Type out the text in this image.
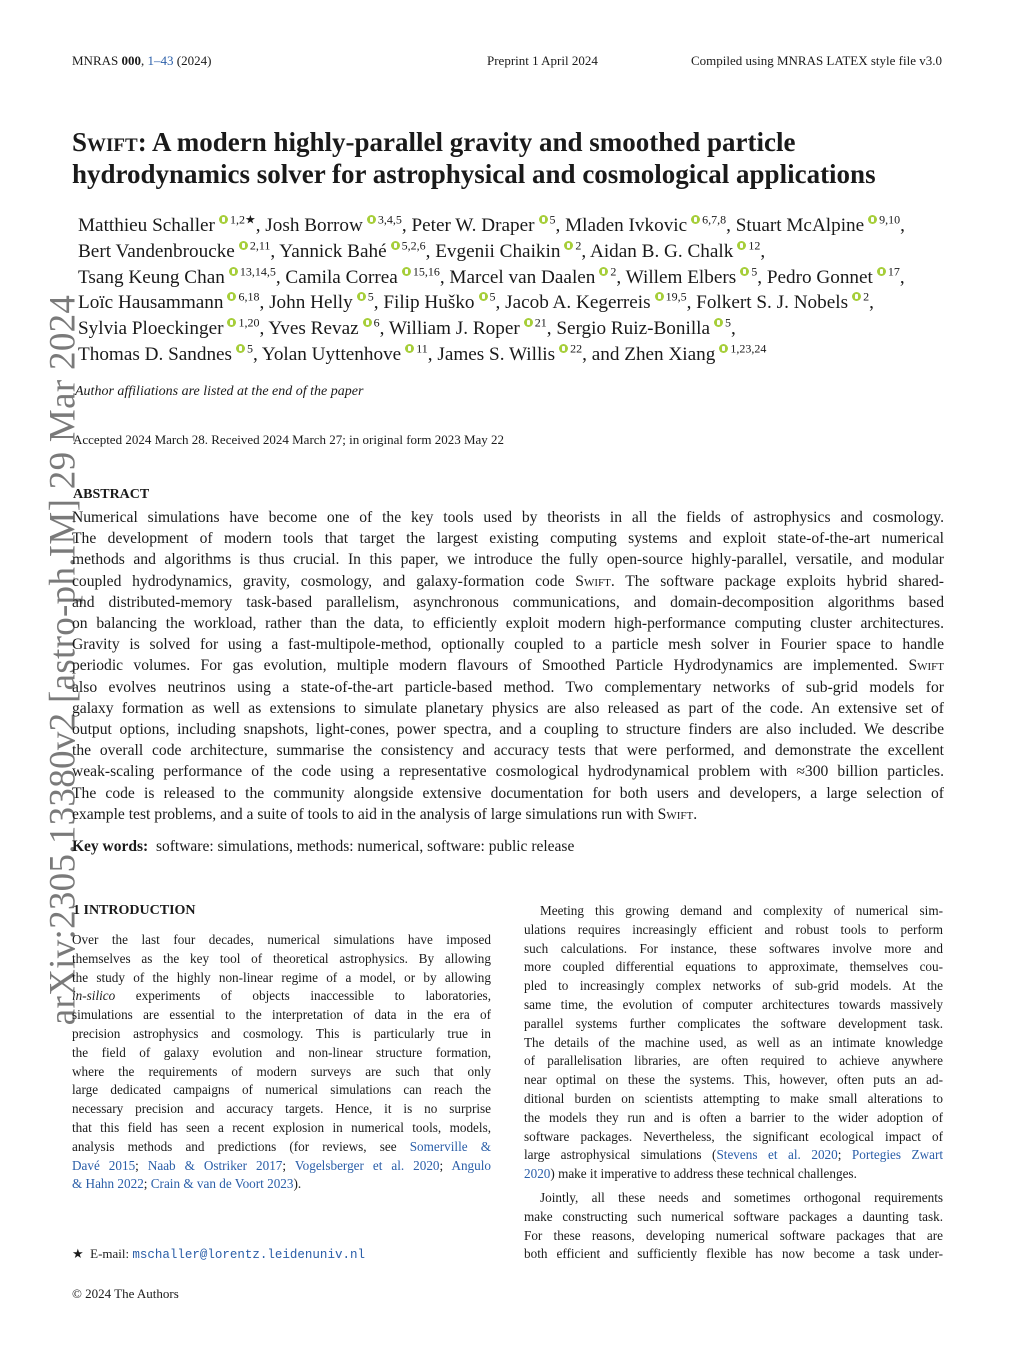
MNRAS 000, 1–43 (2024)	Preprint 1 April 2024	Compiled using MNRAS LATEX style file v3.0
arXiv:2305.13380v2 [astro-ph.IM] 29 Mar 2024
Swift: A modern highly-parallel gravity and smoothed particle
hydrodynamics solver for astrophysical and cosmological applications
Matthieu Schaller $^{1,2★}$, Josh Borrow $^{3,4,5}$, Peter W. Draper $^5$, Mladen Ivkovic $^{6,7,8}$, Stuart McAlpine $^{9,10}$,
Bert Vandenbroucke $^{2,11}$, Yannick Bahé $^{5,2,6}$, Evgenii Chaikin $^2$, Aidan B. G. Chalk $^{12}$,
Tsang Keung Chan $^{13,14,5}$, Camila Correa $^{15,16}$, Marcel van Daalen $^2$, Willem Elbers $^5$, Pedro Gonnet $^{17}$,
Loïc Hausammann $^{6,18}$, John Helly $^5$, Filip Huško $^5$, Jacob A. Kegerreis $^{19,5}$, Folkert S. J. Nobels $^2$,
Sylvia Ploeckinger $^{1,20}$, Yves Revaz $^6$, William J. Roper $^{21}$, Sergio Ruiz-Bonilla $^5$,
Thomas D. Sandnes $^5$, Yolan Uyttenhove $^{11}$, James S. Willis $^{22}$, and Zhen Xiang $^{1,23,24}$
Author affiliations are listed at the end of the paper
Accepted 2024 March 28. Received 2024 March 27; in original form 2023 May 22
ABSTRACT
Numerical simulations have become one of the key tools used by theorists in all the fields of astrophysics and cosmology.
The development of modern tools that target the largest existing computing systems and exploit state-of-the-art numerical
methods and algorithms is thus crucial. In this paper, we introduce the fully open-source highly-parallel, versatile, and modular
coupled hydrodynamics, gravity, cosmology, and galaxy-formation code Swift. The software package exploits hybrid shared-
and distributed-memory task-based parallelism, asynchronous communications, and domain-decomposition algorithms based
on balancing the workload, rather than the data, to efficiently exploit modern high-performance computing cluster architectures.
Gravity is solved for using a fast-multipole-method, optionally coupled to a particle mesh solver in Fourier space to handle
periodic volumes. For gas evolution, multiple modern flavours of Smoothed Particle Hydrodynamics are implemented. Swift
also evolves neutrinos using a state-of-the-art particle-based method. Two complementary networks of sub-grid models for
galaxy formation as well as extensions to simulate planetary physics are also released as part of the code. An extensive set of
output options, including snapshots, light-cones, power spectra, and a coupling to structure finders are also included. We describe
the overall code architecture, summarise the consistency and accuracy tests that were performed, and demonstrate the excellent
weak-scaling performance of the code using a representative cosmological hydrodynamical problem with ≈300 billion particles.
The code is released to the community alongside extensive documentation for both users and developers, a large selection of
example test problems, and a suite of tools to aid in the analysis of large simulations run with Swift.
Key words: software: simulations, methods: numerical, software: public release
1 INTRODUCTION
Over the last four decades, numerical simulations have imposed
themselves as the key tool of theoretical astrophysics. By allowing
the study of the highly non-linear regime of a model, or by allowing
in-silico experiments of objects inaccessible to laboratories,
simulations are essential to the interpretation of data in the era of
precision astrophysics and cosmology. This is particularly true in
the field of galaxy evolution and non-linear structure formation,
where the requirements of modern surveys are such that only
large dedicated campaigns of numerical simulations can reach the
necessary precision and accuracy targets. Hence, it is no surprise
that this field has seen a recent explosion in numerical tools, models,
analysis methods and predictions (for reviews, see Somerville &
Davé 2015; Naab & Ostriker 2017; Vogelsberger et al. 2020; Angulo
& Hahn 2022; Crain & van de Voort 2023).
Meeting this growing demand and complexity of numerical sim-
ulations requires increasingly efficient and robust tools to perform
such calculations. For instance, these softwares involve more and
more coupled differential equations to approximate, themselves cou-
pled to increasingly complex networks of sub-grid models. At the
same time, the evolution of computer architectures towards massively
parallel systems further complicates the software development task.
The details of the machine used, as well as an intimate knowledge
of parallelisation libraries, are often required to achieve anywhere
near optimal on these the systems. This, however, often puts an ad-
ditional burden on scientists attempting to make small alterations to
the models they run and is often a barrier to the wider adoption of
software packages. Nevertheless, the significant ecological impact of
large astrophysical simulations (Stevens et al. 2020; Portegies Zwart
2020) make it imperative to address these technical challenges.
Jointly, all these needs and sometimes orthogonal requirements
make constructing such numerical software packages a daunting task.
For these reasons, developing numerical software packages that are
both efficient and sufficiently flexible has now become a task under-
★ E-mail: mschaller@lorentz.leidenuniv.nl
© 2024 The Authors
